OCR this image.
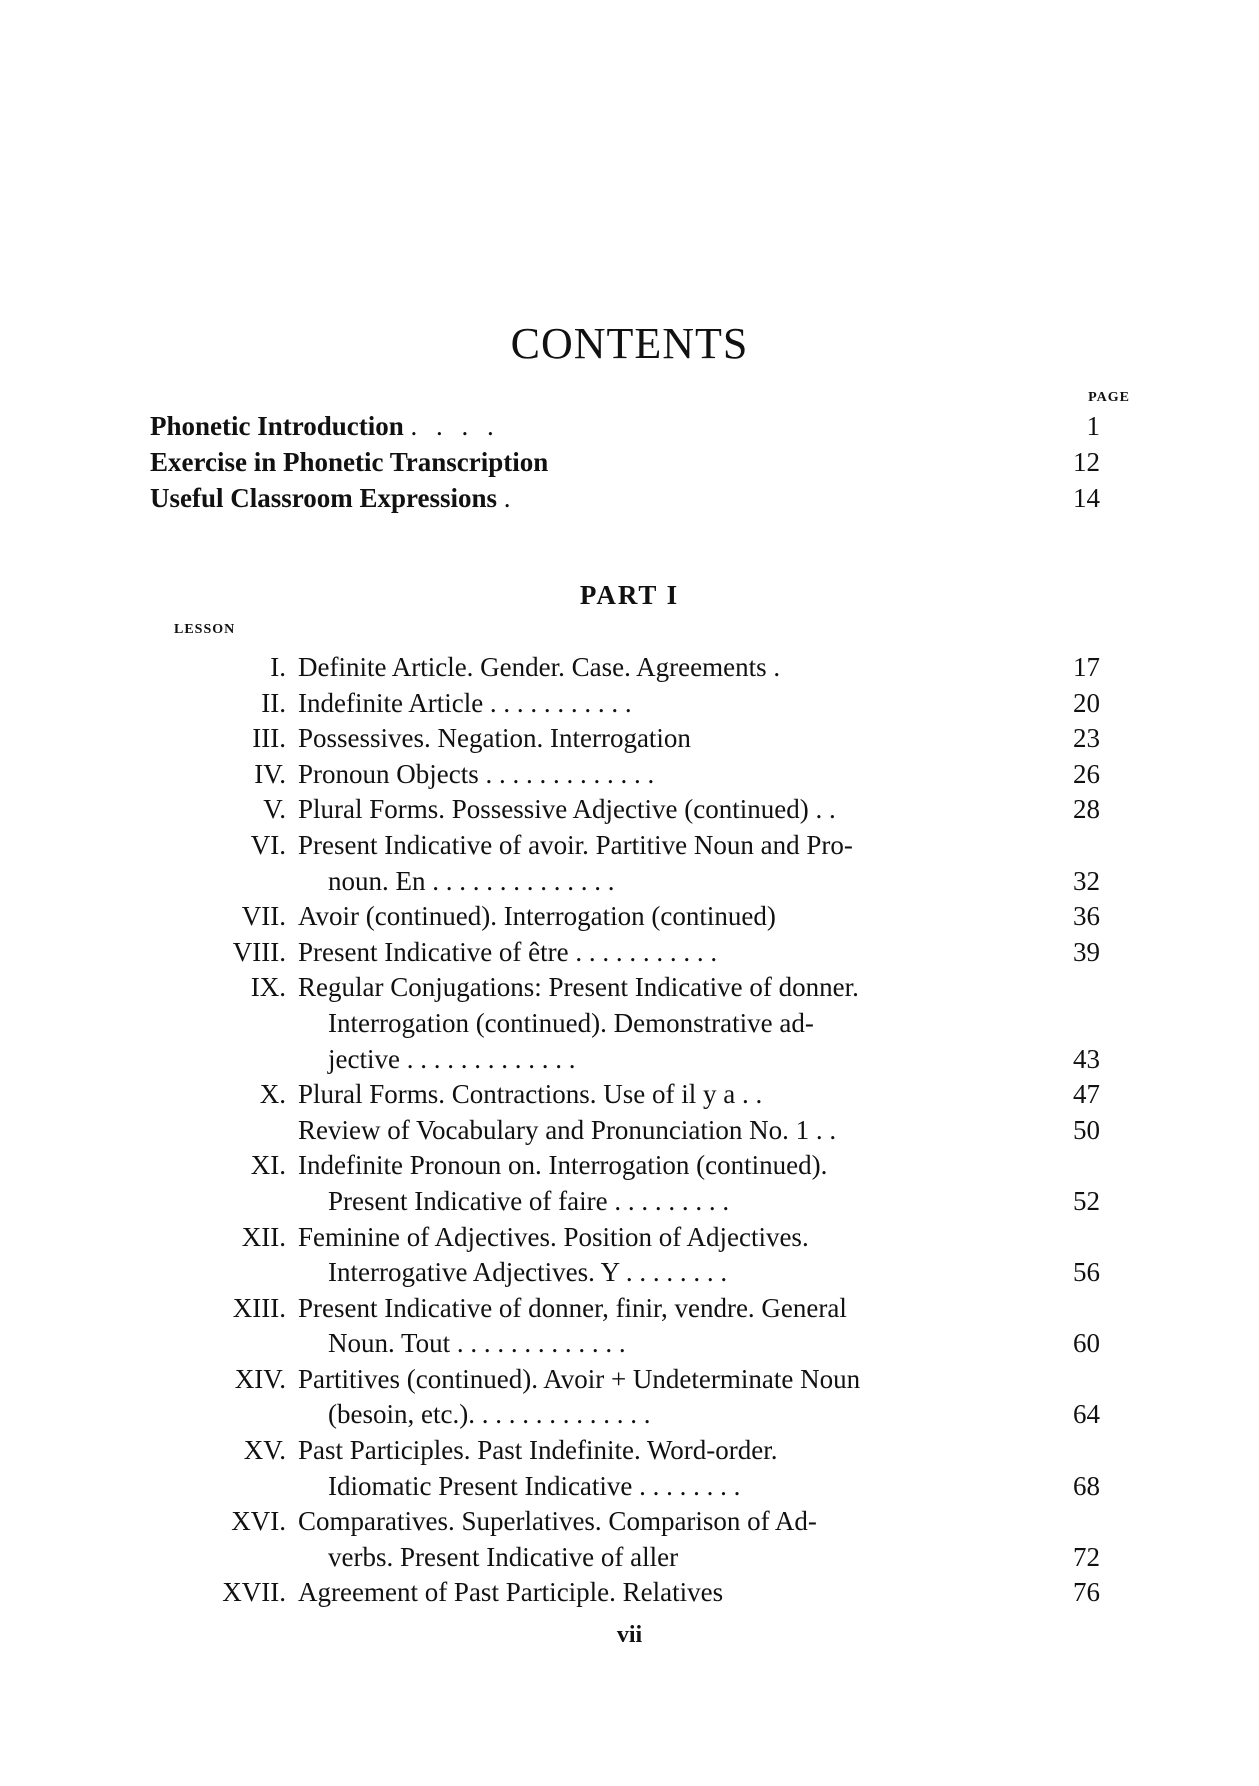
CONTENTS
PAGE
Phonetic Introduction . . . .	1
Exercise in Phonetic Transcription	12
Useful Classroom Expressions .	14
PART I
LESSON
I. Definite Article. Gender. Case. Agreements .	17
II. Indefinite Article . . . . . . . . . . .	20
III. Possessives. Negation. Interrogation	23
IV. Pronoun Objects . . . . . . . . . . . . .	26
V. Plural Forms. Possessive Adjective (continued) . .	28
VI. Present Indicative of avoir. Partitive Noun and Pro-
noun. En . . . . . . . . . . . . . .	32
VII. Avoir (continued). Interrogation (continued)	36
VIII. Present Indicative of être . . . . . . . . . . .	39
IX. Regular Conjugations: Present Indicative of donner.
Interrogation (continued). Demonstrative ad-
jective . . . . . . . . . . . . .	43
X. Plural Forms. Contractions. Use of il y a . .	47
Review of Vocabulary and Pronunciation No. 1 . .	50
XI. Indefinite Pronoun on. Interrogation (continued).
Present Indicative of faire . . . . . . . . .	52
XII. Feminine of Adjectives. Position of Adjectives.
Interrogative Adjectives. Y . . . . . . . .	56
XIII. Present Indicative of donner, finir, vendre. General
Noun. Tout . . . . . . . . . . . . .	60
XIV. Partitives (continued). Avoir + Undeterminate Noun
(besoin, etc.). . . . . . . . . . . . . .	64
XV. Past Participles. Past Indefinite. Word-order.
Idiomatic Present Indicative . . . . . . . .	68
XVI. Comparatives. Superlatives. Comparison of Ad-
verbs. Present Indicative of aller	72
XVII. Agreement of Past Participle. Relatives	76
vii
